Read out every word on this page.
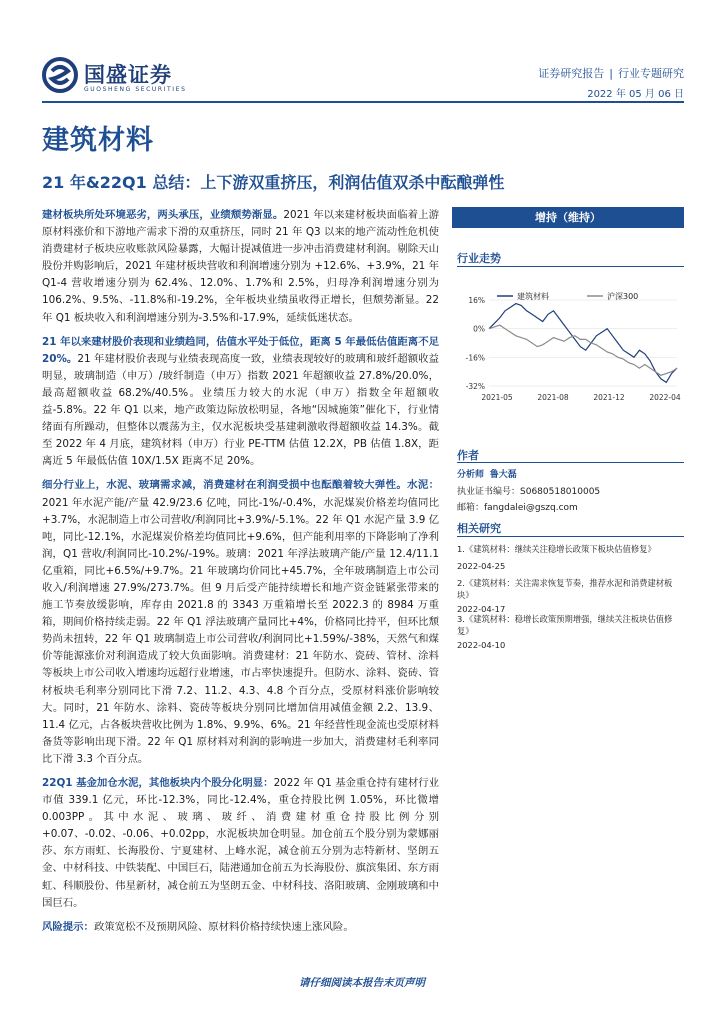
国盛证券
GUOSHENG SECURITIES
证券研究报告 | 行业专题研究
2022 年 05 月 06 日
建筑材料
21 年&22Q1 总结：上下游双重挤压，利润估值双杀中酝酿弹性

建材板块所处环境恶劣，两头承压，业绩颓势渐显。2021 年以来建材板块面临着上游原材料涨价和下游地产需求下滑的双重挤压，同时 21 年 Q3 以来的地产流动性危机使消费建材子板块应收账款风险暴露，大幅计提减值进一步冲击消费建材利润。剔除天山股份并购影响后，2021 年建材板块营收和利润增速分别为 +12.6%、+3.9%，21 年 Q1-4 营收增速分别为 62.4%、12.0%、1.7%和 2.5%，归母净利润增速分别为 106.2%、9.5%、-11.8%和-19.2%，全年板块业绩虽收得正增长，但颓势渐显。22 年 Q1 板块收入和利润增速分别为-3.5%和-17.9%，延续低迷状态。

21 年以来建材股价表现和业绩趋同，估值水平处于低位，距离 5 年最低估值距离不足 20%。21 年建材股价表现与业绩表现高度一致，业绩表现较好的玻璃和玻纤超额收益明显，玻璃制造（申万）/玻纤制造（申万）指数 2021 年超额收益 27.8%/20.0%，最高超额收益 68.2%/40.5%。业绩压力较大的水泥（申万）指数全年超额收益-5.8%。22 年 Q1 以来，地产政策边际放松明显，各地“因城施策”催化下，行业情绪面有所躁动，但整体以震荡为主，仅水泥板块受基建刺激收得超额收益 14.3%。截至 2022 年 4 月底，建筑材料（申万）行业 PE-TTM 估值 12.2X，PB 估值 1.8X，距离近 5 年最低估值 10X/1.5X 距离不足 20%。

细分行业上，水泥、玻璃需求减，消费建材在利润受损中也酝酿着较大弹性。水泥：2021 年水泥产能/产量 42.9/23.6 亿吨，同比-1%/-0.4%，水泥煤炭价格差均值同比+3.7%，水泥制造上市公司营收/利润同比+3.9%/-5.1%。22 年 Q1 水泥产量 3.9 亿吨，同比-12.1%，水泥煤炭价格差均值同比+9.6%，但产能利用率的下降影响了净利润，Q1 营收/利润同比-10.2%/-19%。玻璃：2021 年浮法玻璃产能/产量 12.4/11.1 亿重箱，同比+6.5%/+9.7%。21 年玻璃均价同比+45.7%，全年玻璃制造上市公司收入/利润增速 27.9%/273.7%。但 9 月后受产能持续增长和地产资金链紧张带来的施工节奏放缓影响，库存由 2021.8 的 3343 万重箱增长至 2022.3 的 8984 万重箱，期间价格持续走弱。22 年 Q1 浮法玻璃产量同比+4%，价格同比持平，但环比颓势尚未扭转，22 年 Q1 玻璃制造上市公司营收/利润同比+1.59%/-38%，天然气和煤价等能源涨价对利润造成了较大负面影响。消费建材：21 年防水、瓷砖、管材、涂料等板块上市公司收入增速均远超行业增速，市占率快速提升。但防水、涂料、瓷砖、管材板块毛利率分别同比下滑 7.2、11.2、4.3、4.8 个百分点，受原材料涨价影响较大。同时，21 年防水、涂料、瓷砖等板块分别同比增加信用减值金额 2.2、13.9、11.4 亿元，占各板块营收比例为 1.8%、9.9%、6%。21 年经营性现金流也受原材料备货等影响出现下滑。22 年 Q1 原材料对利润的影响进一步加大，消费建材毛利率同比下滑 3.3 个百分点。

22Q1 基金加仓水泥，其他板块内个股分化明显：2022 年 Q1 基金重仓持有建材行业市值 339.1 亿元，环比-12.3%，同比-12.4%，重仓持股比例 1.05%，环比微增 0.003PP。其中水泥、玻璃、玻纤、消费建材重仓持股比例分别+0.07、-0.02、-0.06、+0.02pp，水泥板块加仓明显。加仓前五个股分别为蒙娜丽莎、东方雨虹、长海股份、宁夏建材、上峰水泥，减仓前五分别为志特新材、坚朗五金、中材科技、中铁装配、中国巨石，陆港通加仓前五为长海股份、旗滨集团、东方雨虹、科顺股份、伟星新材，减仓前五为坚朗五金、中材科技、洛阳玻璃、金刚玻璃和中国巨石。

风险提示：政策宽松不及预期风险、原材料价格持续快速上涨风险。

增持（维持）
行业走势
建筑材料	沪深300
16%
0%
-16%
-32%
2021-05	2021-08	2021-12	2022-04
作者
分析师 鲁大磊
执业证书编号：S0680518010005
邮箱：fangdalei@gszq.com
相关研究
1.《建筑材料：继续关注稳增长政策下板块估值修复》
2022-04-25
2.《建筑材料：关注需求恢复节奏，推荐水泥和消费建材板块》
2022-04-17
3.《建筑材料：稳增长政策预期增强，继续关注板块估值修复》
2022-04-10
请仔细阅读本报告末页声明
